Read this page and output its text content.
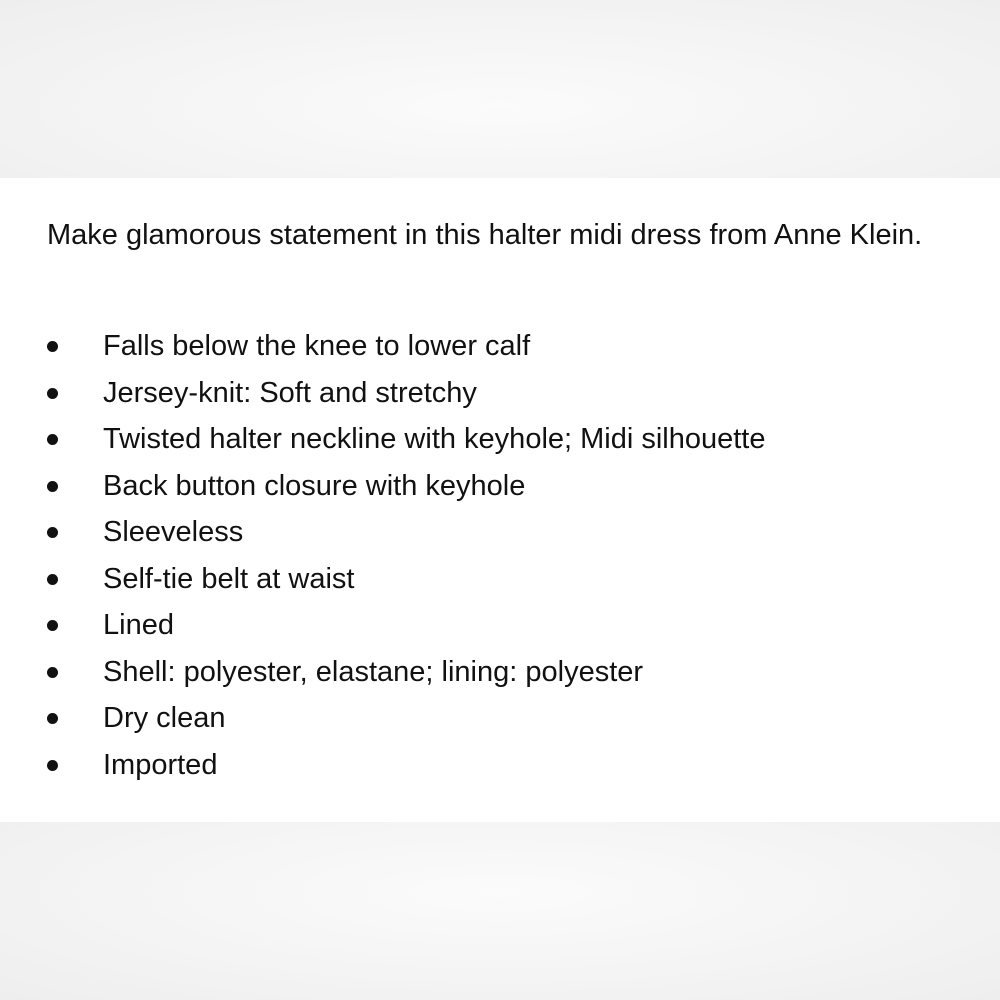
Make glamorous statement in this halter midi dress from Anne Klein.

Falls below the knee to lower calf
Jersey-knit: Soft and stretchy
Twisted halter neckline with keyhole; Midi silhouette
Back button closure with keyhole
Sleeveless
Self-tie belt at waist
Lined
Shell: polyester, elastane; lining: polyester
Dry clean
Imported
